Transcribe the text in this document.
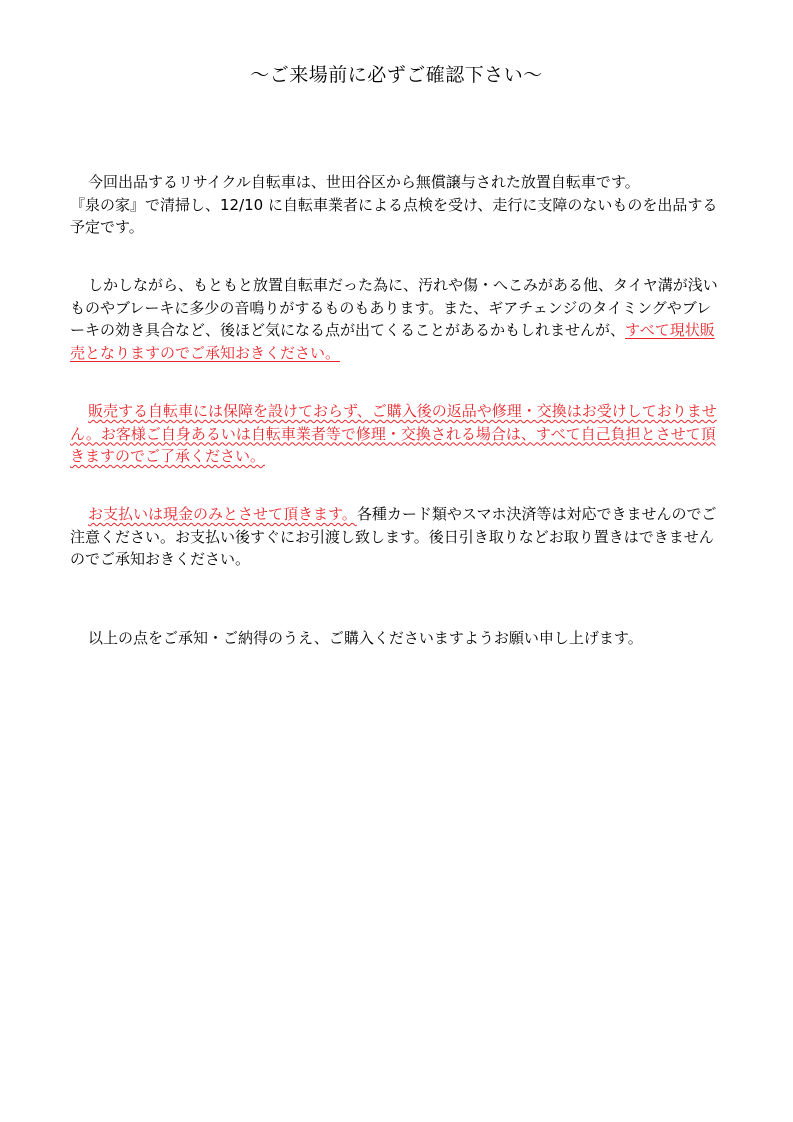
～ご来場前に必ずご確認下さい～

今回出品するリサイクル自転車は、世田谷区から無償譲与された放置自転車です。
『泉の家』で清掃し、12/10 に自転車業者による点検を受け、走行に支障のないものを出品する予定です。

しかしながら、もともと放置自転車だった為に、汚れや傷・へこみがある他、タイヤ溝が浅いものやブレーキに多少の音鳴りがするものもあります。また、ギアチェンジのタイミングやブレーキの効き具合など、後ほど気になる点が出てくることがあるかもしれませんが、すべて現状販売となりますのでご承知おきください。

販売する自転車には保障を設けておらず、ご購入後の返品や修理・交換はお受けしておりません。お客様ご自身あるいは自転車業者等で修理・交換される場合は、すべて自己負担とさせて頂きますのでご了承ください。

お支払いは現金のみとさせて頂きます。各種カード類やスマホ決済等は対応できませんのでご注意ください。お支払い後すぐにお引渡し致します。後日引き取りなどお取り置きはできませんのでご承知おきください。

以上の点をご承知・ご納得のうえ、ご購入くださいますようお願い申し上げます。
